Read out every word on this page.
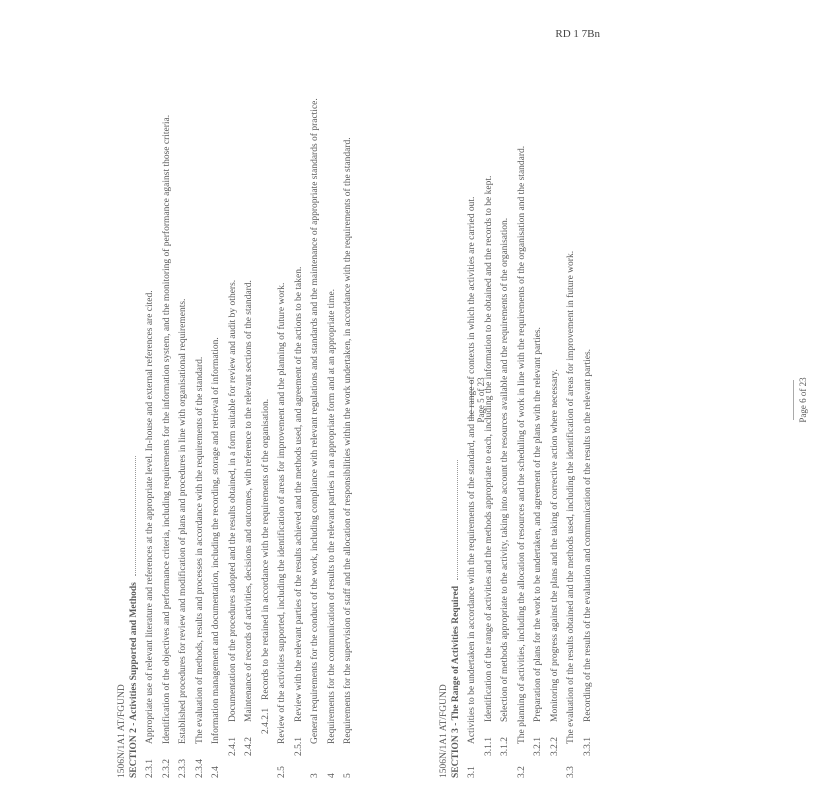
RD 1 7Bn
1506N/1A1 AT/FGUND SECTION 2 - Activities Supported and Methods 2.3.1
Appropriate use of relevant literature and references at the appropriate level. In-house and external references are cited.
2.3.2
Identification of the objectives and performance criteria, including requirements for the information system, and the monitoring of performance against those criteria.
2.3.3
Established procedures for review and modification of plans and procedures in line with organisational requirements.
2.3.4
The evaluation of methods, results and processes in accordance with the requirements of the standard.
2.4
Information management and documentation, including the recording, storage and retrieval of information.
2.4.1
Documentation of the procedures adopted and the results obtained, in a form suitable for review and audit by others.
2.4.2
Maintenance of records of activities, decisions and outcomes, with reference to the relevant sections of the standard. 2.4.2.1
Records to be retained in accordance with the requirements of the organisation.
2.5
Review of the activities supported, including the identification of areas for improvement and the planning of future work.
2.5.1
Review with the relevant parties of the results achieved and the methods used, and agreement of the actions to be taken.
3
General requirements for the conduct of the work, including compliance with relevant regulations and standards and the maintenance of appropriate standards of practice.
4
Requirements for the communication of results to the relevant parties in an appropriate form and at an appropriate time.
5
Requirements for the supervision of staff and the allocation of responsibilities within the work undertaken, in accordance with the requirements of the standard.	Page 5 of 23
1506N/1A1 AT/FGUND SECTION 3 - The Range of Activities Required 3.1
Activities to be undertaken in accordance with the requirements of the standard, and the range of contexts in which the activities are carried out.
3.1.1
Identification of the range of activities and the methods appropriate to each, including the information to be obtained and the records to be kept.
3.1.2
Selection of methods appropriate to the activity, taking into account the resources available and the requirements of the organisation.
3.2
The planning of activities, including the allocation of resources and the scheduling of work in line with the requirements of the organisation and the standard.
3.2.1
Preparation of plans for the work to be undertaken, and agreement of the plans with the relevant parties.
3.2.2
Monitoring of progress against the plans and the taking of corrective action where necessary.
3.3
The evaluation of the results obtained and the methods used, including the identification of areas for improvement in future work.
3.3.1
Recording of the results of the evaluation and communication of the results to the relevant parties.	Page 6 of 23
